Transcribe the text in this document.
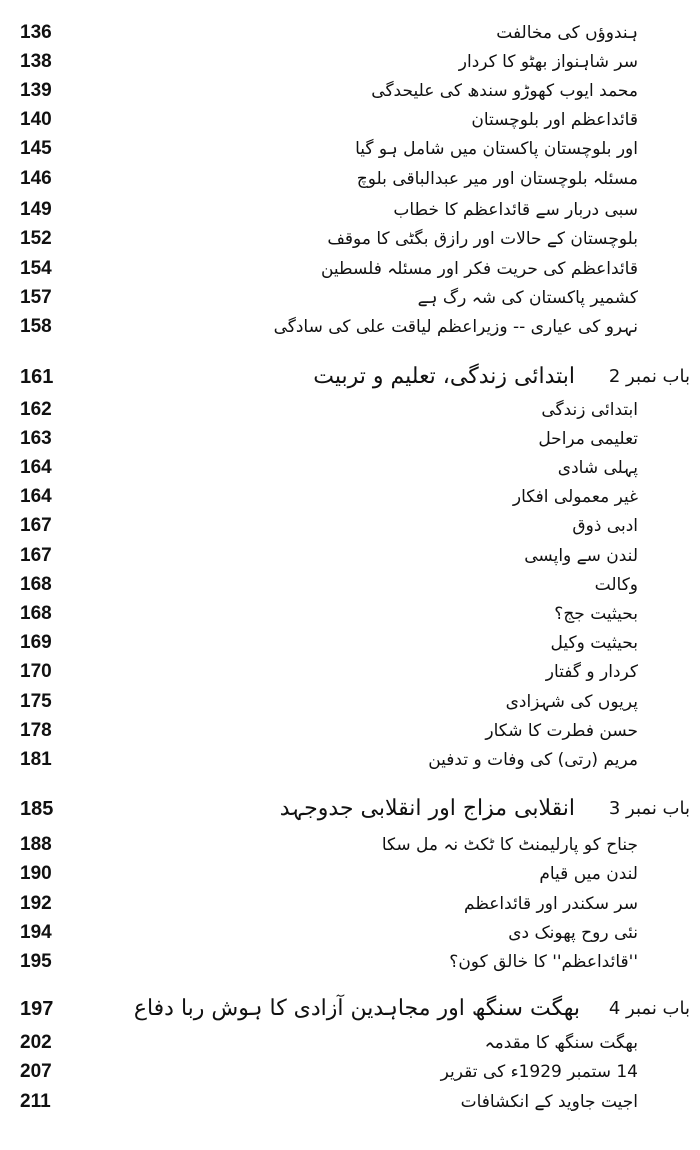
136	ہندوؤں کی مخالفت
138	سر شاہنواز بھٹو کا کردار
139	محمد ایوب کھوڑو سندھ کی علیحدگی
140	قائداعظم اور بلوچستان
145	اور بلوچستان پاکستان میں شامل ہو گیا
146	مسئلہ بلوچستان اور میر عبدالباقی بلوچ
149	سبی دربار سے قائداعظم کا خطاب
152	بلوچستان کے حالات اور رازق بگٹی کا موقف
154	قائداعظم کی حریت فکر اور مسئلہ فلسطین
157	کشمیر پاکستان کی شہ رگ ہے
158	نہرو کی عیاری -- وزیراعظم لیاقت علی کی سادگی
161	ابتدائی زندگی، تعلیم و تربیت	باب نمبر 2
162	ابتدائی زندگی
163	تعلیمی مراحل
164	پہلی شادی
164	غیر معمولی افکار
167	ادبی ذوق
167	لندن سے واپسی
168	وکالت
168	بحیثیت جج؟
169	بحیثیت وکیل
170	کردار و گفتار
175	پریوں کی شہزادی
178	حسن فطرت کا شکار
181	مریم (رتی) کی وفات و تدفین
185	انقلابی مزاج اور انقلابی جدوجہد	باب نمبر 3
188	جناح کو پارلیمنٹ کا ٹکٹ نہ مل سکا
190	لندن میں قیام
192	سر سکندر اور قائداعظم
194	نئی روح پھونک دی
195	''قائداعظم'' کا خالق کون؟
197	بھگت سنگھ اور مجاہدین آزادی کا ہوش ربا دفاع	باب نمبر 4
202	بھگت سنگھ کا مقدمہ
207	14 ستمبر 1929ء کی تقریر
211	اجیت جاوید کے انکشافات
